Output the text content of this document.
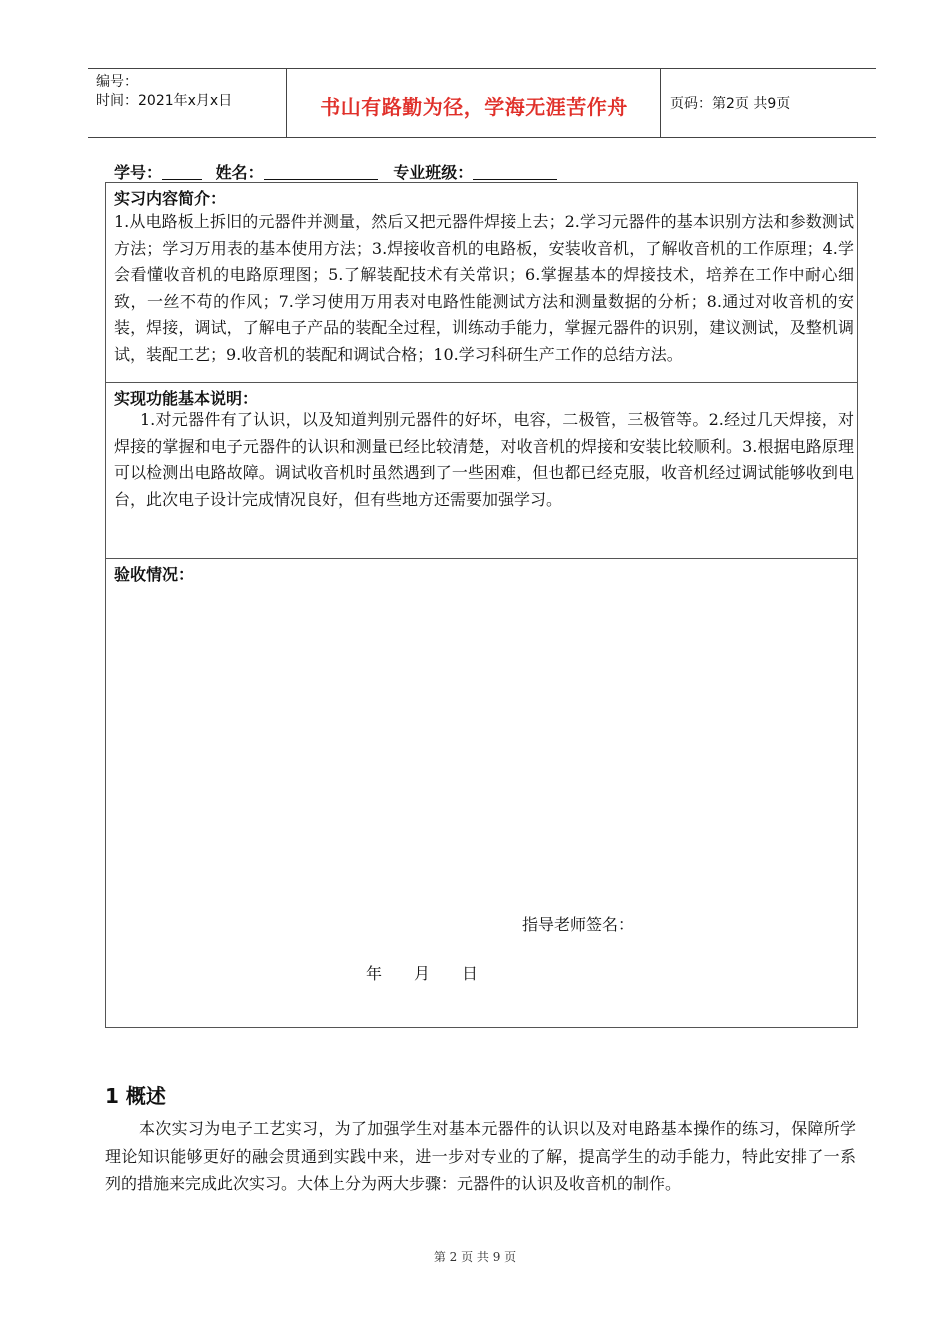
编号：
时间：2021年x月x日	书山有路勤为径，学海无涯苦作舟	页码：第2页 共9页
学号：	姓名：	专业班级：
实习内容简介：
1.从电路板上拆旧的元器件并测量，然后又把元器件焊接上去；2.学习元器件的基本识别方法和参数测试方法；学习万用表的基本使用方法；3.焊接收音机的电路板，安装收音机，了解收音机的工作原理；4.学会看懂收音机的电路原理图；5.了解装配技术有关常识；6.掌握基本的焊接技术，培养在工作中耐心细致，一丝不苟的作风；7.学习使用万用表对电路性能测试方法和测量数据的分析；8.通过对收音机的安装，焊接，调试，了解电子产品的装配全过程，训练动手能力，掌握元器件的识别，建议测试，及整机调试，装配工艺；9.收音机的装配和调试合格；10.学习科研生产工作的总结方法。
实现功能基本说明：
1.对元器件有了认识，以及知道判别元器件的好坏，电容，二极管，三极管等。2.经过几天焊接，对焊接的掌握和电子元器件的认识和测量已经比较清楚，对收音机的焊接和安装比较顺利。3.根据电路原理可以检测出电路故障。调试收音机时虽然遇到了一些困难，但也都已经克服，收音机经过调试能够收到电台，此次电子设计完成情况良好，但有些地方还需要加强学习。
验收情况：
指导老师签名：
年 月 日
1 概述
本次实习为电子工艺实习，为了加强学生对基本元器件的认识以及对电路基本操作的练习，保障所学理论知识能够更好的融会贯通到实践中来，进一步对专业的了解，提高学生的动手能力，特此安排了一系列的措施来完成此次实习。大体上分为两大步骤：元器件的认识及收音机的制作。
第 2 页 共 9 页
